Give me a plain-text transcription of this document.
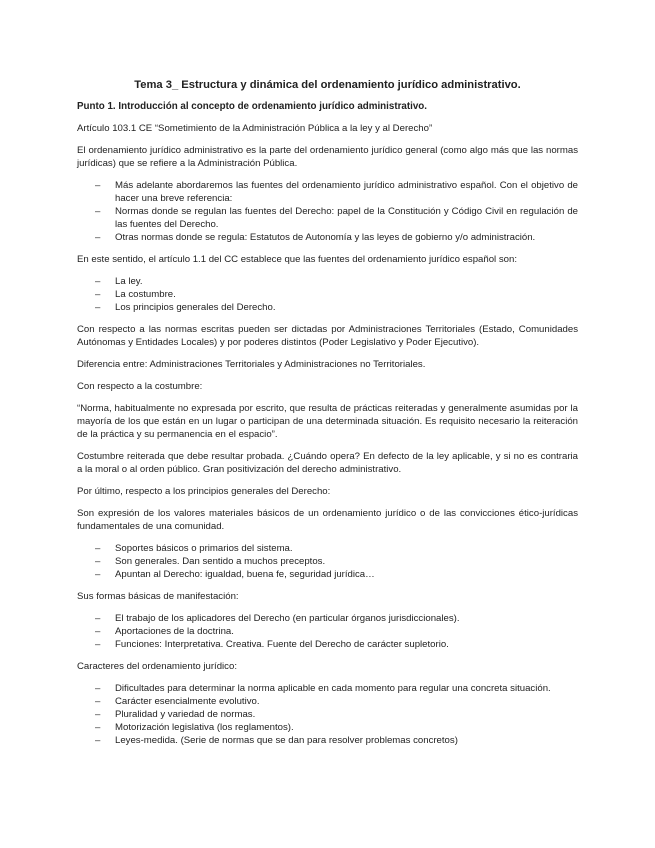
Tema 3_ Estructura y dinámica del ordenamiento jurídico administrativo.
Punto 1. Introducción al concepto de ordenamiento jurídico administrativo.

Artículo 103.1 CE “Sometimiento de la Administración Pública a la ley y al Derecho”

El ordenamiento jurídico administrativo es la parte del ordenamiento jurídico general (como algo más que las normas jurídicas) que se refiere a la Administración Pública.

– Más adelante abordaremos las fuentes del ordenamiento jurídico administrativo español. Con el objetivo de hacer una breve referencia:
– Normas donde se regulan las fuentes del Derecho: papel de la Constitución y Código Civil en regulación de las fuentes del Derecho.
– Otras normas donde se regula: Estatutos de Autonomía y las leyes de gobierno y/o administración.

En este sentido, el artículo 1.1 del CC establece que las fuentes del ordenamiento jurídico español son:

– La ley.
– La costumbre.
– Los principios generales del Derecho.

Con respecto a las normas escritas pueden ser dictadas por Administraciones Territoriales (Estado, Comunidades Autónomas y Entidades Locales) y por poderes distintos (Poder Legislativo y Poder Ejecutivo).

Diferencia entre: Administraciones Territoriales y Administraciones no Territoriales.

Con respecto a la costumbre:

“Norma, habitualmente no expresada por escrito, que resulta de prácticas reiteradas y generalmente asumidas por la mayoría de los que están en un lugar o participan de una determinada situación. Es requisito necesario la reiteración de la práctica y su permanencia en el espacio”.

Costumbre reiterada que debe resultar probada. ¿Cuándo opera? En defecto de la ley aplicable, y si no es contraria a la moral o al orden público. Gran positivización del derecho administrativo.

Por último, respecto a los principios generales del Derecho:

Son expresión de los valores materiales básicos de un ordenamiento jurídico o de las convicciones ético-jurídicas fundamentales de una comunidad.

– Soportes básicos o primarios del sistema.
– Son generales. Dan sentido a muchos preceptos.
– Apuntan al Derecho: igualdad, buena fe, seguridad jurídica…

Sus formas básicas de manifestación:

– El trabajo de los aplicadores del Derecho (en particular órganos jurisdiccionales).
– Aportaciones de la doctrina.
– Funciones: Interpretativa. Creativa. Fuente del Derecho de carácter supletorio.

Caracteres del ordenamiento jurídico:

– Dificultades para determinar la norma aplicable en cada momento para regular una concreta situación.
– Carácter esencialmente evolutivo.
– Pluralidad y variedad de normas.
– Motorización legislativa (los reglamentos).
– Leyes-medida. (Serie de normas que se dan para resolver problemas concretos)
